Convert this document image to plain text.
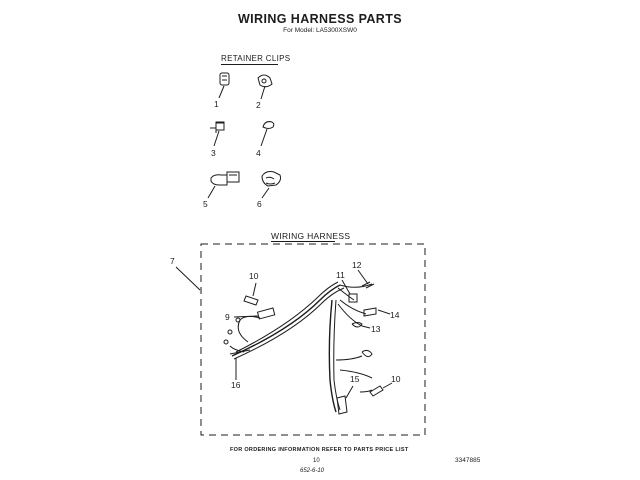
WIRING HARNESS PARTS
For Model: LA5300XSW0
RETAINER CLIPS
1	2
3	4
5	6
WIRING HARNESS
7
10	11
12
9	14
13
16
15	10
FOR ORDERING INFORMATION REFER TO PARTS PRICE LIST
10	3347885
652-6-10
